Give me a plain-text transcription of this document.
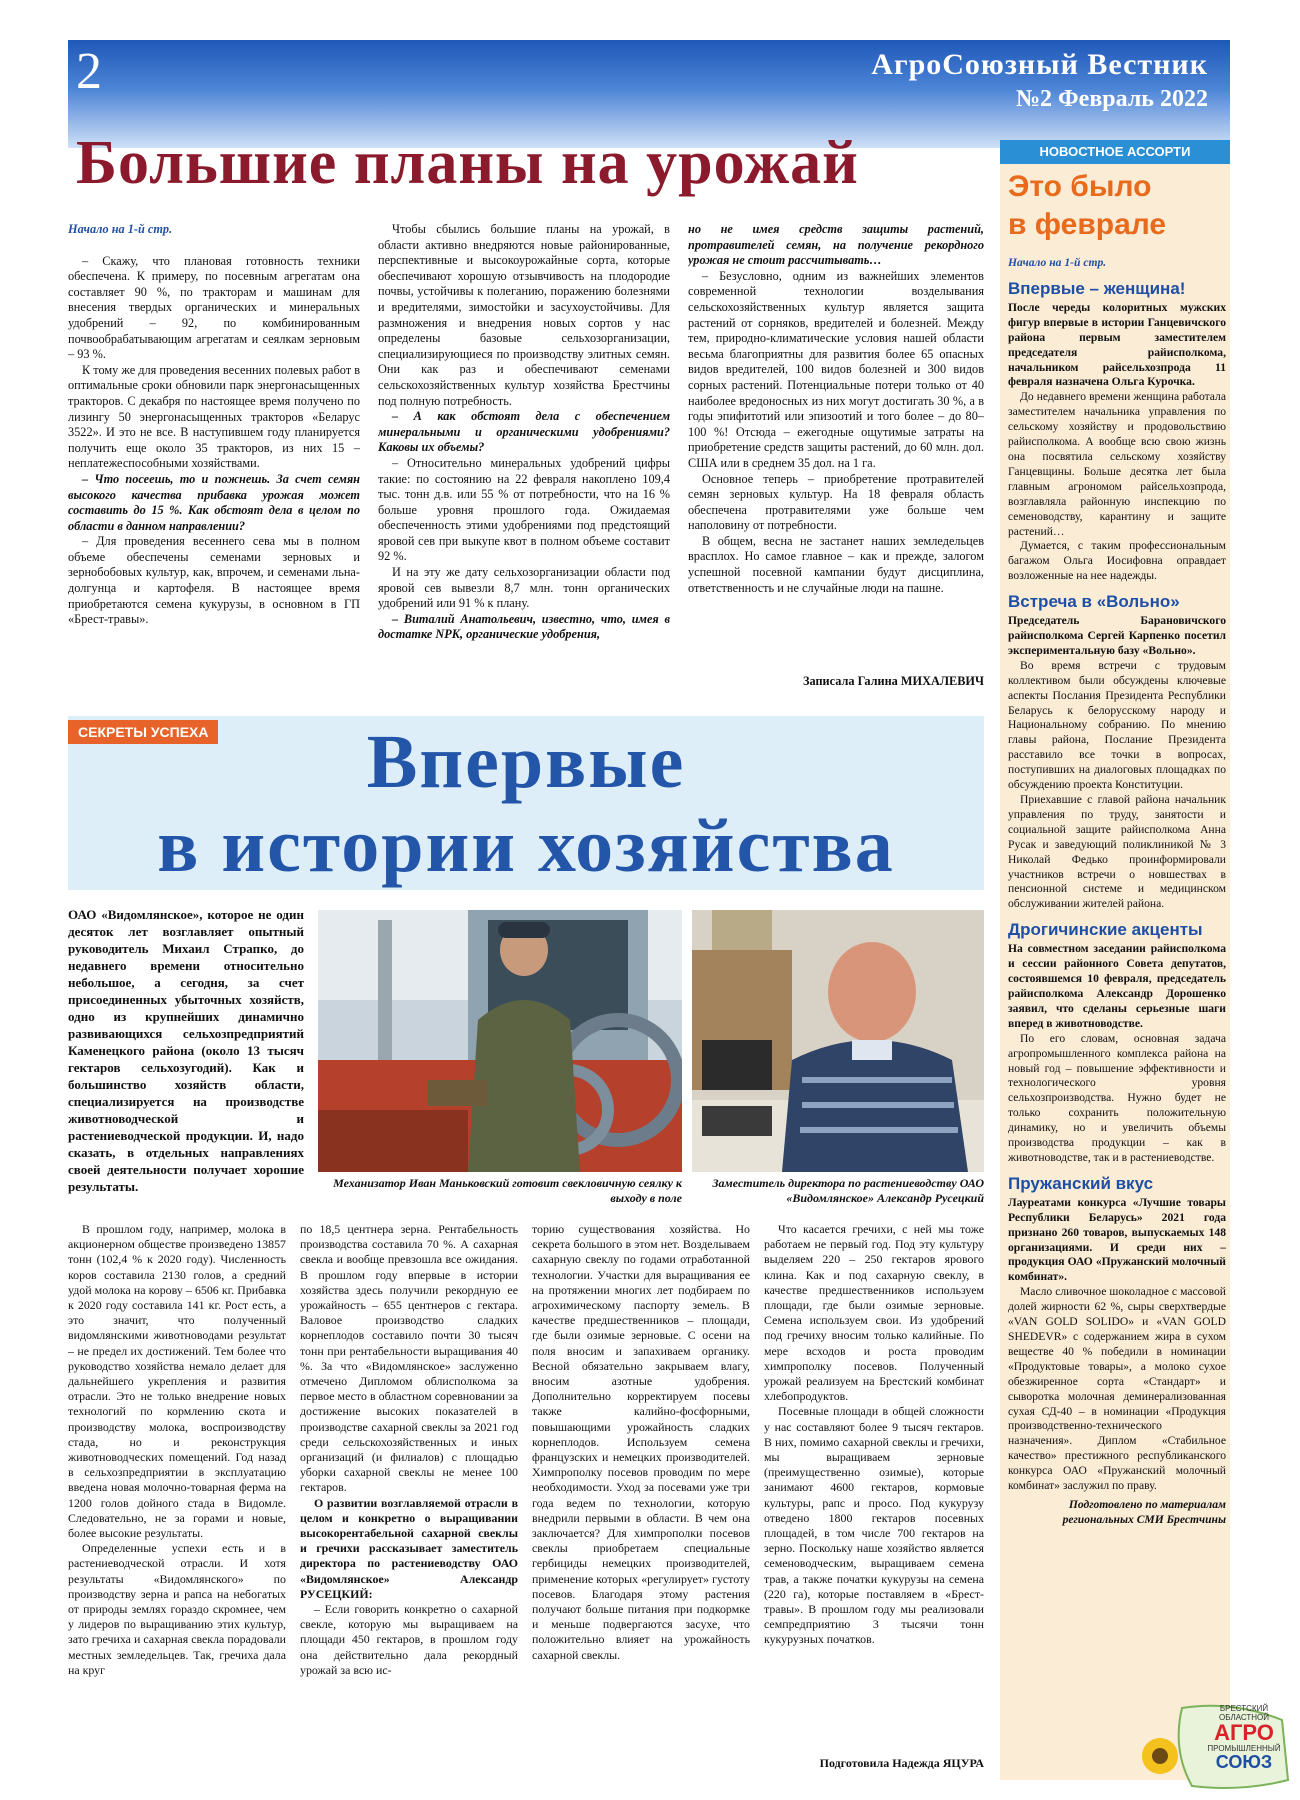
2	АгроСоюзный Вестник
№2 Февраль 2022
Большие планы на урожай

Начало на 1-й стр.

– Скажу, что плановая готовность техники обеспечена. К примеру, по посевным агрегатам она составляет 90 %, по тракторам и машинам для внесения твердых органических и минеральных удобрений – 92, по комбинированным почвообрабатывающим агрегатам и сеялкам зерновым – 93 %.

К тому же для проведения весенних полевых работ в оптимальные сроки обновили парк энергонасыщенных тракторов. С декабря по настоящее время получено по лизингу 50 энергонасыщенных тракторов «Беларус 3522». И это не все. В наступившем году планируется получить еще около 35 тракторов, из них 15 – неплатежеспособными хозяйствами.

– Что посеешь, то и пожнешь. За счет семян высокого качества прибавка урожая может составить до 15 %. Как обстоят дела в целом по области в данном направлении?

– Для проведения весеннего сева мы в полном объеме обеспечены семенами зерновых и зернобобовых культур, как, впрочем, и семенами льна-долгунца и картофеля. В настоящее время приобретаются семена кукурузы, в основном в ГП «Брест-травы».

Чтобы сбылись большие планы на урожай, в области активно внедряются новые районированные, перспективные и высокоурожайные сорта, которые обеспечивают хорошую отзывчивость на плодородие почвы, устойчивы к полеганию, поражению болезнями и вредителями, зимостойки и засухоустойчивы. Для размножения и внедрения новых сортов у нас определены базовые сельхозорганизации, специализирующиеся по производству элитных семян. Они как раз и обеспечивают семенами сельскохозяйственных культур хозяйства Брестчины под полную потребность.

– А как обстоят дела с обеспечением минеральными и органическими удобрениями? Каковы их объемы?

– Относительно минеральных удобрений цифры такие: по состоянию на 22 февраля накоплено 109,4 тыс. тонн д.в. или 55 % от потребности, что на 16 % больше уровня прошлого года. Ожидаемая обеспеченность этими удобрениями под предстоящий яровой сев при выкупе квот в полном объеме составит 92 %.

И на эту же дату сельхозорганизации области под яровой сев вывезли 8,7 млн. тонн органических удобрений или 91 % к плану.

– Виталий Анатольевич, известно, что, имея в достатке NPK, органические удобрения,

но не имея средств защиты растений, протравителей семян, на получение рекордного урожая не стоит рассчитывать…

– Безусловно, одним из важнейших элементов современной технологии возделывания сельскохозяйственных культур является защита растений от сорняков, вредителей и болезней. Между тем, природно-климатические условия нашей области весьма благоприятны для развития более 65 опасных видов вредителей, 100 видов болезней и 300 видов сорных растений. Потенциальные потери только от 40 наиболее вредоносных из них могут достигать 30 %, а в годы эпифитотий или эпизоотий и того более – до 80–100 %! Отсюда – ежегодные ощутимые затраты на приобретение средств защиты растений, до 60 млн. дол. США или в среднем 35 дол. на 1 га.

Основное теперь – приобретение протравителей семян зерновых культур. На 18 февраля область обеспечена протравителями уже больше чем наполовину от потребности.

В общем, весна не застанет наших земледельцев врасплох. Но самое главное – как и прежде, залогом успешной посевной кампании будут дисциплина, ответственность и не случайные люди на пашне.

Записала Галина МИХАЛЕВИЧ
НОВОСТНОЕ АССОРТИ
Это было
в феврале

Начало на 1-й стр.

Впервые – женщина!

После череды колоритных мужских фигур впервые в истории Ганцевичского района первым заместителем председателя райисполкома, начальником райсельхозпрода 11 февраля назначена Ольга Курочка.

До недавнего времени женщина работала заместителем начальника управления по сельскому хозяйству и продовольствию райисполкома. А вообще всю свою жизнь она посвятила сельскому хозяйству Ганцевщины. Больше десятка лет была главным агрономом райсельхозпрода, возглавляла районную инспекцию по семеноводству, карантину и защите растений…

Думается, с таким профессиональным багажом Ольга Иосифовна оправдает возложенные на нее надежды.

Встреча в «Вольно»

Председатель Барановичского райисполкома Сергей Карпенко посетил экспериментальную базу «Вольно».

Во время встречи с трудовым коллективом были обсуждены ключевые аспекты Послания Президента Республики Беларусь к белорусскому народу и Национальному собранию. По мнению главы района, Послание Президента расставило все точки в вопросах, поступивших на диалоговых площадках по обсуждению проекта Конституции.

Приехавшие с главой района начальник управления по труду, занятости и социальной защите райисполкома Анна Русак и заведующий поликлиникой № 3 Николай Федько проинформировали участников встречи о новшествах в пенсионной системе и медицинском обслуживании жителей района.

Дрогичинские акценты

На совместном заседании райисполкома и сессии районного Совета депутатов, состоявшемся 10 февраля, председатель райисполкома Александр Дорошенко заявил, что сделаны серьезные шаги вперед в животноводстве.

По его словам, основная задача агропромышленного комплекса района на новый год – повышение эффективности и технологического уровня сельхозпроизводства. Нужно будет не только сохранить положительную динамику, но и увеличить объемы производства продукции – как в животноводстве, так и в растениеводстве.

Пружанский вкус

Лауреатами конкурса «Лучшие товары Республики Беларусь» 2021 года признано 260 товаров, выпускаемых 148 организациями. И среди них – продукция ОАО «Пружанский молочный комбинат».

Масло сливочное шоколадное с массовой долей жирности 62 %, сыры сверхтвердые «VAN GOLD SOLIDO» и «VAN GOLD SHEDEVR» с содержанием жира в сухом веществе 40 % победили в номинации «Продуктовые товары», а молоко сухое обезжиренное сорта «Стандарт» и сыворотка молочная деминерализованная сухая СД-40 – в номинации «Продукция производственно-технического назначения». Диплом «Стабильное качество» престижного республиканского конкурса ОАО «Пружанский молочный комбинат» заслужил по праву.

Подготовлено по материалам региональных СМИ Брестчины

Впервые
в истории хозяйства
СЕКРЕТЫ УСПЕХА
ОАО «Видомлянское», которое не один десяток лет возглавляет опытный руководитель Михаил Страпко, до недавнего времени относительно небольшое, а сегодня, за счет присоединенных убыточных хозяйств, одно из крупнейших динамично развивающихся сельхозпредприятий Каменецкого района (около 13 тысяч гектаров сельхозугодий). Как и большинство хозяйств области, специализируется на производстве животноводческой и растениеводческой продукции. И, надо сказать, в отдельных направлениях своей деятельности получает хорошие результаты.	Механизатор Иван Маньковский готовит свекловичную сеялку к выходу в поле
Заместитель директора по растениеводству ОАО «Видомлянское» Александр Русецкий

В прошлом году, например, молока в акционерном обществе произведено 13857 тонн (102,4 % к 2020 году). Численность коров составила 2130 голов, а средний удой молока на корову – 6506 кг. Прибавка к 2020 году составила 141 кг. Рост есть, а это значит, что полученный видомлянскими животноводами результат – не предел их достижений. Тем более что руководство хозяйства немало делает для дальнейшего укрепления и развития отрасли. Это не только внедрение новых технологий по кормлению скота и производству молока, воспроизводству стада, но и реконструкция животноводческих помещений. Год назад в сельхозпредприятии в эксплуатацию введена новая молочно-товарная ферма на 1200 голов дойного стада в Видомле. Следовательно, не за горами и новые, более высокие результаты.

Определенные успехи есть и в растениеводческой отрасли. И хотя результаты «Видомлянского» по производству зерна и рапса на небогатых от природы землях гораздо скромнее, чем у лидеров по выращиванию этих культур, зато гречиха и сахарная свекла порадовали местных земледельцев. Так, гречиха дала на круг

по 18,5 центнера зерна. Рентабельность производства составила 70 %. А сахарная свекла и вообще превзошла все ожидания. В прошлом году впервые в истории хозяйства здесь получили рекордную ее урожайность – 655 центнеров с гектара. Валовое производство сладких корнеплодов составило почти 30 тысяч тонн при рентабельности выращивания 40 %. За что «Видомлянское» заслуженно отмечено Дипломом облисполкома за первое место в областном соревновании за достижение высоких показателей в производстве сахарной свеклы за 2021 год среди сельскохозяйственных и иных организаций (и филиалов) с площадью уборки сахарной свеклы не менее 100 гектаров.

О развитии возглавляемой отрасли в целом и конкретно о выращивании высокорентабельной сахарной свеклы и гречихи рассказывает заместитель директора по растениеводству ОАО «Видомлянское» Александр РУСЕЦКИЙ:

– Если говорить конкретно о сахарной свекле, которую мы выращиваем на площади 450 гектаров, в прошлом году она действительно дала рекордный урожай за всю ис-

торию существования хозяйства. Но секрета большого в этом нет. Возделываем сахарную свеклу по годами отработанной технологии. Участки для выращивания ее на протяжении многих лет подбираем по агрохимическому паспорту земель. В качестве предшественников – площади, где были озимые зерновые. С осени на поля вносим и запахиваем органику. Весной обязательно закрываем влагу, вносим азотные удобрения. Дополнительно корректируем посевы также калийно-фосфорными, повышающими урожайность сладких корнеплодов. Используем семена французских и немецких производителей. Химпрополку посевов проводим по мере необходимости. Уход за посевами уже три года ведем по технологии, которую внедрили первыми в области. В чем она заключается? Для химпрополки посевов свеклы приобретаем специальные гербициды немецких производителей, применение которых «регулирует» густоту посевов. Благодаря этому растения получают больше питания при подкормке и меньше подвергаются засухе, что положительно влияет на урожайность сахарной свеклы.

Что касается гречихи, с ней мы тоже работаем не первый год. Под эту культуру выделяем 220 – 250 гектаров ярового клина. Как и под сахарную свеклу, в качестве предшественников используем площади, где были озимые зерновые. Семена используем свои. Из удобрений под гречиху вносим только калийные. По мере всходов и роста проводим химпрополку посевов. Полученный урожай реализуем на Брестский комбинат хлебопродуктов.

Посевные площади в общей сложности у нас составляют более 9 тысяч гектаров. В них, помимо сахарной свеклы и гречихи, мы выращиваем зерновые (преимущественно озимые), которые занимают 4600 гектаров, кормовые культуры, рапс и просо. Под кукурузу отведено 1800 гектаров посевных площадей, в том числе 700 гектаров на зерно. Поскольку наше хозяйство является семеноводческим, выращиваем семена трав, а также початки кукурузы на семена (220 га), которые поставляем в «Брест-травы». В прошлом году мы реализовали семпредприятию 3 тысячи тонн кукурузных початков.

Подготовила Надежда ЯЦУРА
БРЕСТСКИЙ
ОБЛАСТНОЙ
АГРО
ПРОМЫШЛЕННЫЙ
СОЮЗ
